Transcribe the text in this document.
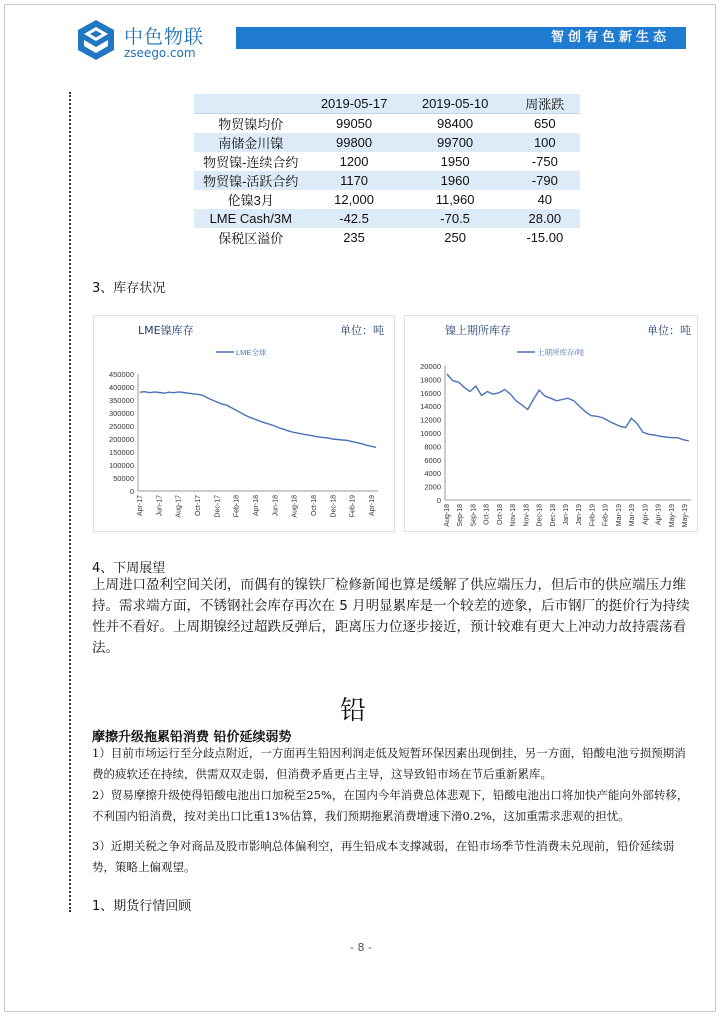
中色物联
zseego.com
智创有色新生态
	2019-05-17	2019-05-10	周涨跌
物贸镍均价	99050	98400	650
南储金川镍	99800	99700	100
物贸镍-连续合约	1200	1950	-750
物贸镍-活跃合约	1170	1960	-790
伦镍3月	12,000	11,960	40
LME Cash/3M	-42.5	-70.5	28.00
保税区溢价	235	250	-15.00
3、库存状况
LME镍库存	单位：吨
0
50000
100000
150000
200000
250000
300000
350000
400000
450000
Apr-17 Jun-17 Aug-17 Oct-17 Dec-17 Feb-18 Apr-18 Jun-18 Aug-18 Oct-18 Dec-18 Feb-19 Apr-19
LME全球
镍上期所库存	单位：吨
0
2000
4000
6000
8000
10000
12000
14000
16000
18000
20000
Aug-18 Sep-18 Sep-18 Oct-18 Oct-18 Nov-18 Nov-18 Dec-18 Dec-18 Jan-19 Jan-19 Feb-19 Feb-19 Mar-19 Mar-19 Apr-19 Apr-19 May-19 May-19
上期所库存/吨
4、下周展望
上周进口盈利空间关闭，而偶有的镍铁厂检修新闻也算是缓解了供应端压力，但后市的供应端压力维持。需求端方面，不锈钢社会库存再次在 5 月明显累库是一个较差的迹象，后市钢厂的挺价行为持续性并不看好。上周期镍经过超跌反弹后，距离压力位逐步接近，预计较难有更大上冲动力故持震荡看法。
铅
摩擦升级拖累铅消费 铅价延续弱势
1）目前市场运行至分歧点附近，一方面再生铅因利润走低及短暂环保因素出现倒挂，另一方面，铅酸电池亏损预期消费的疲软还在持续，供需双双走弱，但消费矛盾更占主导，这导致铅市场在节后重新累库。
2）贸易摩擦升级使得铅酸电池出口加税至25%，在国内今年消费总体悲观下，铅酸电池出口将加快产能向外部转移，不利国内铅消费，按对美出口比重13%估算，我们预期拖累消费增速下滑0.2%，这加重需求悲观的担忧。
3）近期关税之争对商品及股市影响总体偏利空，再生铅成本支撑减弱，在铅市场季节性消费未兑现前，铅价延续弱势，策略上偏观望。
1、期货行情回顾
- 8 -
